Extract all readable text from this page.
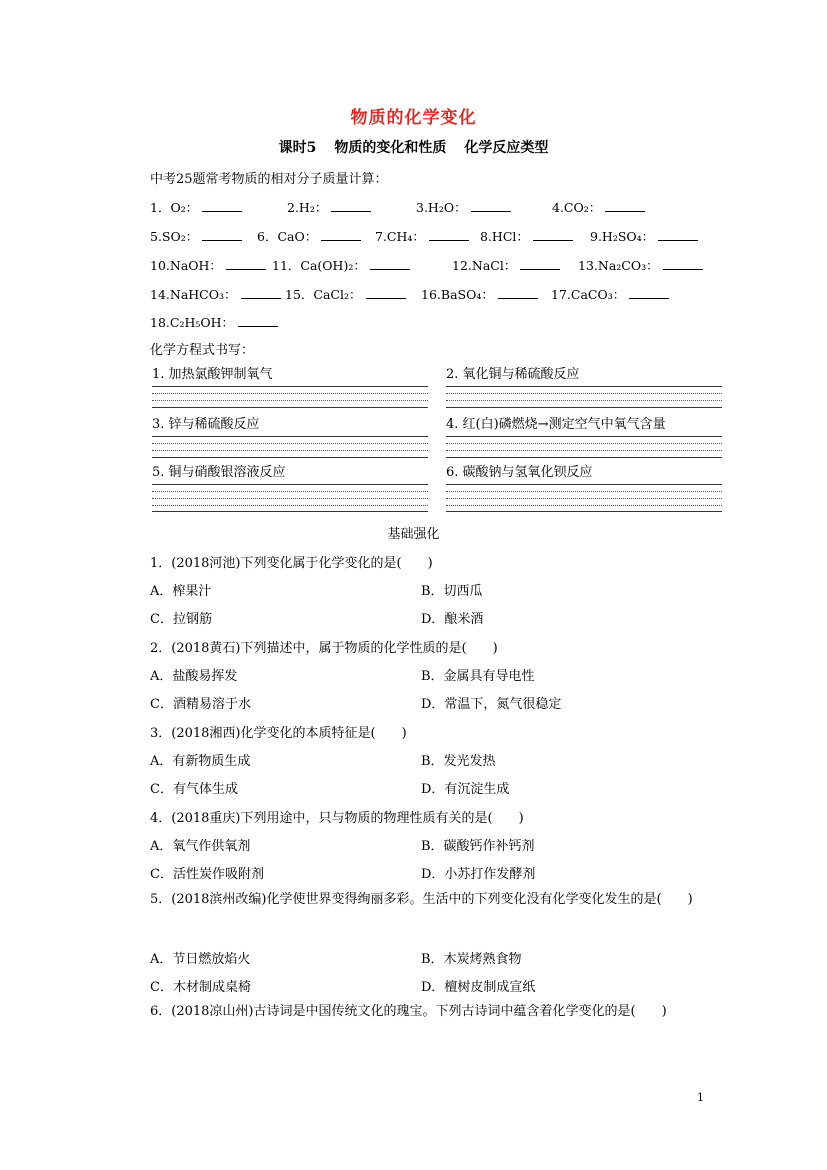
物质的化学变化
课时5 物质的变化和性质 化学反应类型
中考25题常考物质的相对分子质量计算：
1．O₂：	2.H₂：	3.H₂O：	4.CO₂：
5.SO₂：	6．CaO：	7.CH₄：	8.HCl：	9.H₂SO₄：
10.NaOH：	11．Ca(OH)₂：	12.NaCl：	13.Na₂CO₃：
14.NaHCO₃：	15．CaCl₂：	16.BaSO₄：	17.CaCO₃：
18.C₂H₅OH：
化学方程式书写：
1. 加热氯酸钾制氧气	2. 氧化铜与稀硫酸反应
3. 锌与稀硫酸反应	4. 红(白)磷燃烧→测定空气中氧气含量
5. 铜与硝酸银溶液反应	6. 碳酸钠与氢氧化钡反应
基础强化
1．(2018河池)下列变化属于化学变化的是(　　)
A．榨果汁	B．切西瓜
C．拉钢筋	D．酿米酒
2．(2018黄石)下列描述中，属于物质的化学性质的是(　　)
A．盐酸易挥发	B．金属具有导电性
C．酒精易溶于水	D．常温下，氮气很稳定
3．(2018湘西)化学变化的本质特征是(　　)
A．有新物质生成	B．发光发热
C．有气体生成	D．有沉淀生成
4．(2018重庆)下列用途中，只与物质的物理性质有关的是(　　)
A．氧气作供氧剂	B．碳酸钙作补钙剂
C．活性炭作吸附剂	D．小苏打作发酵剂
5．(2018滨州改编)化学使世界变得绚丽多彩。生活中的下列变化没有化学变化发生的是(　　)
A．节日燃放焰火	B．木炭烤熟食物
C．木材制成桌椅	D．檀树皮制成宣纸
6．(2018凉山州)古诗词是中国传统文化的瑰宝。下列古诗词中蕴含着化学变化的是(　　)
1
